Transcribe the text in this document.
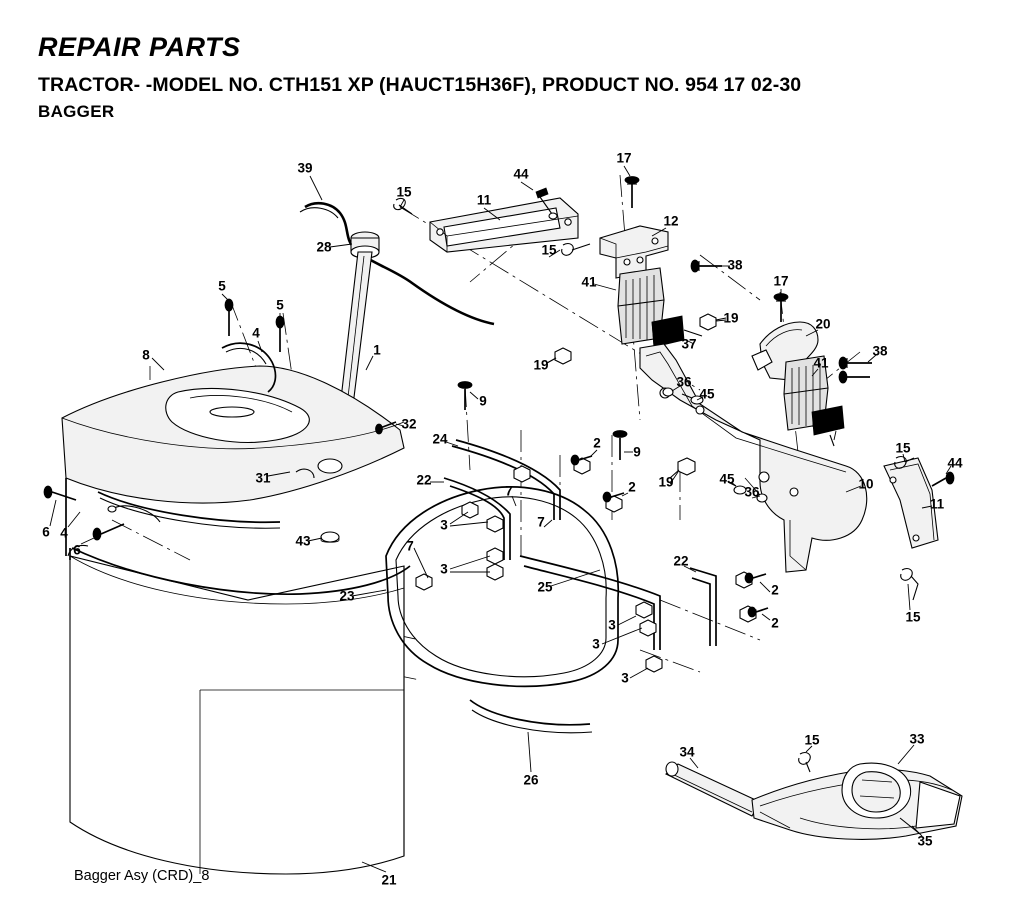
REPAIR PARTS
TRACTOR- -MODEL NO. CTH151 XP (HAUCT15H36F), PRODUCT NO. 954 17 02-30
BAGGER
Bagger Asy (CRD)_8
39
15
11
44
17
12
28	15
38
41	17
5
5
19	20
4
37
8	1
41
38
19
36
45
9
32	37
15
44
24	2
9
31	22	2 19	45
36
10
11
7
6 4
6
3	7
43	7
3
22
25
23
15
2
2
3
3
3
26
34
15	33
35
21
